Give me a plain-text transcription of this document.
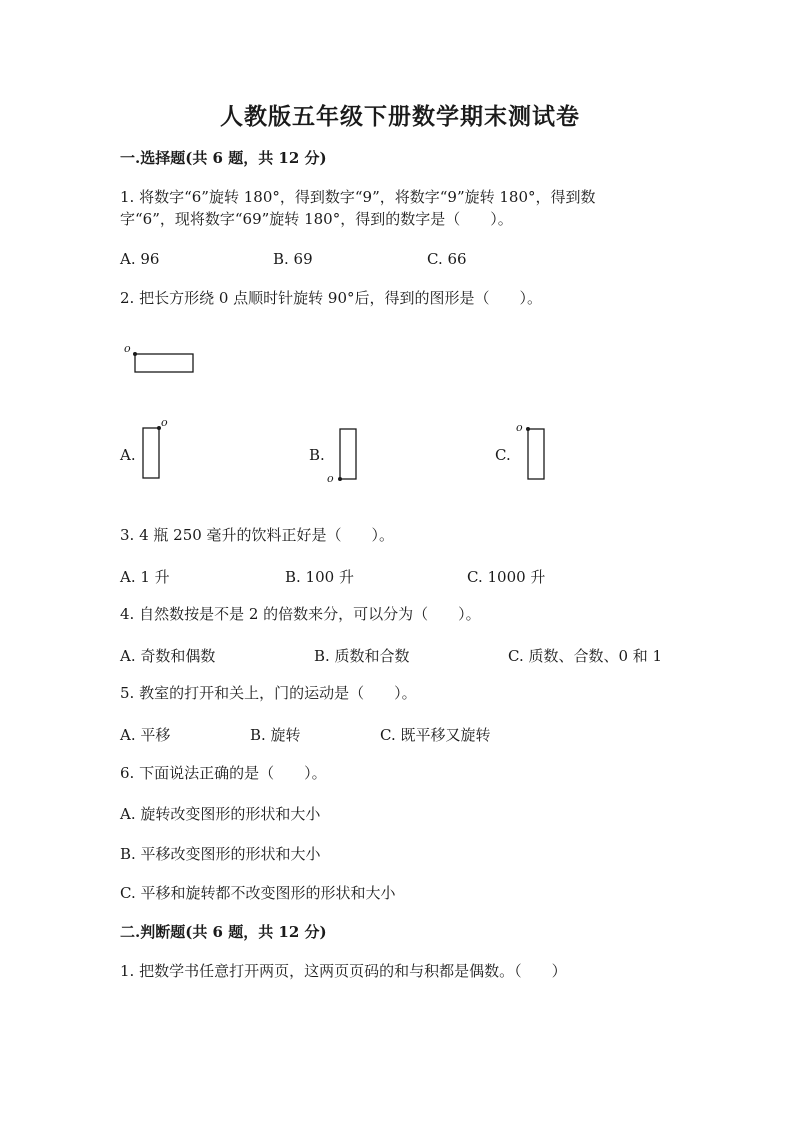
人教版五年级下册数学期末测试卷
一.选择题(共 6 题，共 12 分)
1. 将数字“6”旋转 180°，得到数字“9”，将数字“9”旋转 180°，得到数
字“6”，现将数字“69”旋转 180°，得到的数字是（　　）。
A. 96	B. 69	C. 66
2. 把长方形绕 0 点顺时针旋转 90°后，得到的图形是（　　）。
o
A.
o
B.
o
C.
o
3. 4 瓶 250 毫升的饮料正好是（　　）。
A. 1 升	B. 100 升	C. 1000 升
4. 自然数按是不是 2 的倍数来分，可以分为（　　）。
A. 奇数和偶数	B. 质数和合数	C. 质数、合数、0 和 1
5. 教室的打开和关上，门的运动是（　　）。
A. 平移	B. 旋转	C. 既平移又旋转
6. 下面说法正确的是（　　）。
A. 旋转改变图形的形状和大小
B. 平移改变图形的形状和大小
C. 平移和旋转都不改变图形的形状和大小
二.判断题(共 6 题，共 12 分)
1. 把数学书任意打开两页，这两页页码的和与积都是偶数。（　　）
